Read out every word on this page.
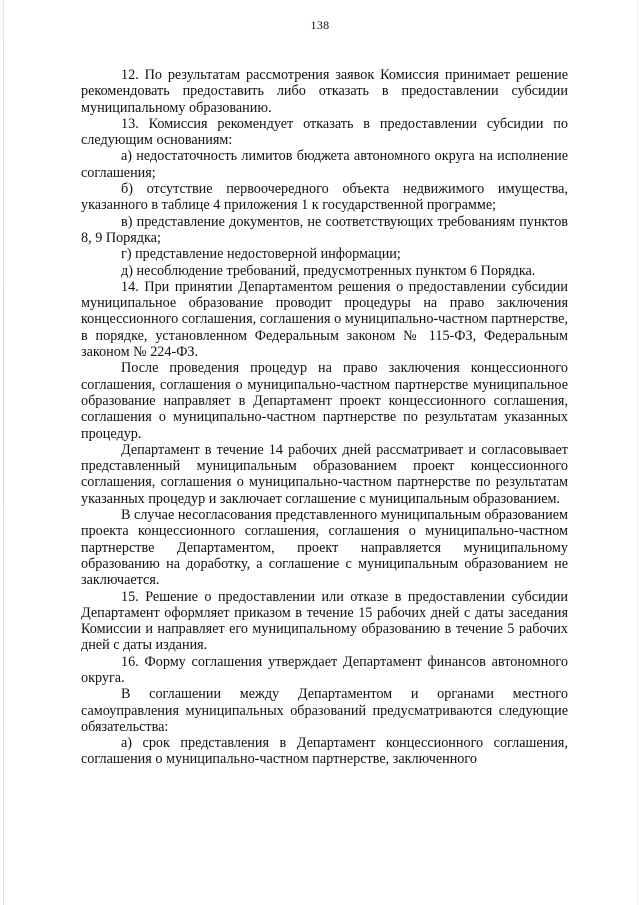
138

12. По результатам рассмотрения заявок Комиссия принимает решение рекомендовать предоставить либо отказать в предоставлении субсидии муниципальному образованию.

13. Комиссия рекомендует отказать в предоставлении субсидии по следующим основаниям:

а) недостаточность лимитов бюджета автономного округа на исполнение соглашения;

б) отсутствие первоочередного объекта недвижимого имущества, указанного в таблице 4 приложения 1 к государственной программе;

в) представление документов, не соответствующих требованиям пунктов 8, 9 Порядка;

г) представление недостоверной информации;

д) несоблюдение требований, предусмотренных пунктом 6 Порядка.

14. При принятии Департаментом решения о предоставлении субсидии муниципальное образование проводит процедуры на право заключения концессионного соглашения, соглашения о муниципально-частном партнерстве, в порядке, установленном Федеральным законом № 115-ФЗ, Федеральным законом № 224-ФЗ.

После проведения процедур на право заключения концессионного соглашения, соглашения о муниципально-частном партнерстве муниципальное образование направляет в Департамент проект концессионного соглашения, соглашения о муниципально-частном партнерстве по результатам указанных процедур.

Департамент в течение 14 рабочих дней рассматривает и согласовывает представленный муниципальным образованием проект концессионного соглашения, соглашения о муниципально-частном партнерстве по результатам указанных процедур и заключает соглашение с муниципальным образованием.

В случае несогласования представленного муниципальным образованием проекта концессионного соглашения, соглашения о муниципально-частном партнерстве Департаментом, проект направляется муниципальному образованию на доработку, а соглашение с муниципальным образованием не заключается.

15. Решение о предоставлении или отказе в предоставлении субсидии Департамент оформляет приказом в течение 15 рабочих дней с даты заседания Комиссии и направляет его муниципальному образованию в течение 5 рабочих дней с даты издания.

16. Форму соглашения утверждает Департамент финансов автономного округа.

В соглашении между Департаментом и органами местного самоуправления муниципальных образований предусматриваются следующие обязательства:

а) срок представления в Департамент концессионного соглашения, соглашения о муниципально-частном партнерстве, заключенного
